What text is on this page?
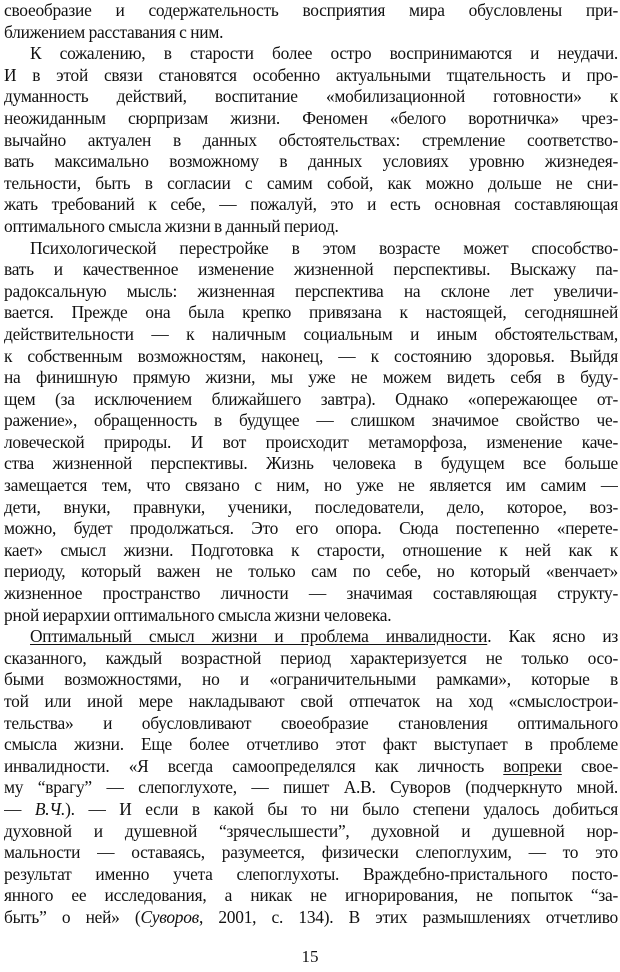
своеобразие и содержательность восприятия мира обусловлены при-
ближением расставания с ним.
К сожалению, в старости более остро воспринимаются и неудачи.
И в этой связи становятся особенно актуальными тщательность и про-
думанность действий, воспитание «мобилизационной готовности» к
неожиданным сюрпризам жизни. Феномен «белого воротничка» чрез-
вычайно актуален в данных обстоятельствах: стремление соответство-
вать максимально возможному в данных условиях уровню жизнедея-
тельности, быть в согласии с самим собой, как можно дольше не сни-
жать требований к себе, — пожалуй, это и есть основная составляющая
оптимального смысла жизни в данный период.
Психологической перестройке в этом возрасте может способство-
вать и качественное изменение жизненной перспективы. Выскажу па-
радоксальную мысль: жизненная перспектива на склоне лет увеличи-
вается. Прежде она была крепко привязана к настоящей, сегодняшней
действительности — к наличным социальным и иным обстоятельствам,
к собственным возможностям, наконец, — к состоянию здоровья. Выйдя
на финишную прямую жизни, мы уже не можем видеть себя в буду-
щем (за исключением ближайшего завтра). Однако «опережающее от-
ражение», обращенность в будущее — слишком значимое свойство че-
ловеческой природы. И вот происходит метаморфоза, изменение каче-
ства жизненной перспективы. Жизнь человека в будущем все больше
замещается тем, что связано с ним, но уже не является им самим —
дети, внуки, правнуки, ученики, последователи, дело, которое, воз-
можно, будет продолжаться. Это его опора. Сюда постепенно «перете-
кает» смысл жизни. Подготовка к старости, отношение к ней как к
периоду, который важен не только сам по себе, но который «венчает»
жизненное пространство личности — значимая составляющая структу-
рной иерархии оптимального смысла жизни человека.
Оптимальный смысл жизни и проблема инвалидности. Как ясно из
сказанного, каждый возрастной период характеризуется не только осо-
быми возможностями, но и «ограничительными рамками», которые в
той или иной мере накладывают свой отпечаток на ход «смыслострои-
тельства» и обусловливают своеобразие становления оптимального
смысла жизни. Еще более отчетливо этот факт выступает в проблеме
инвалидности. «Я всегда самоопределялся как личность вопреки свое-
му “врагу” — слепоглухоте, — пишет А.В. Суворов (подчеркнуто мной.
— В.Ч.). — И если в какой бы то ни было степени удалось добиться
духовной и душевной “зрячеслышести”, духовной и душевной нор-
мальности — оставаясь, разумеется, физически слепоглухим, — то это
результат именно учета слепоглухоты. Враждебно-пристального посто-
янного ее исследования, а никак не игнорирования, не попыток “за-
быть” о ней» (Суворов, 2001, с. 134). В этих размышлениях отчетливо
15
